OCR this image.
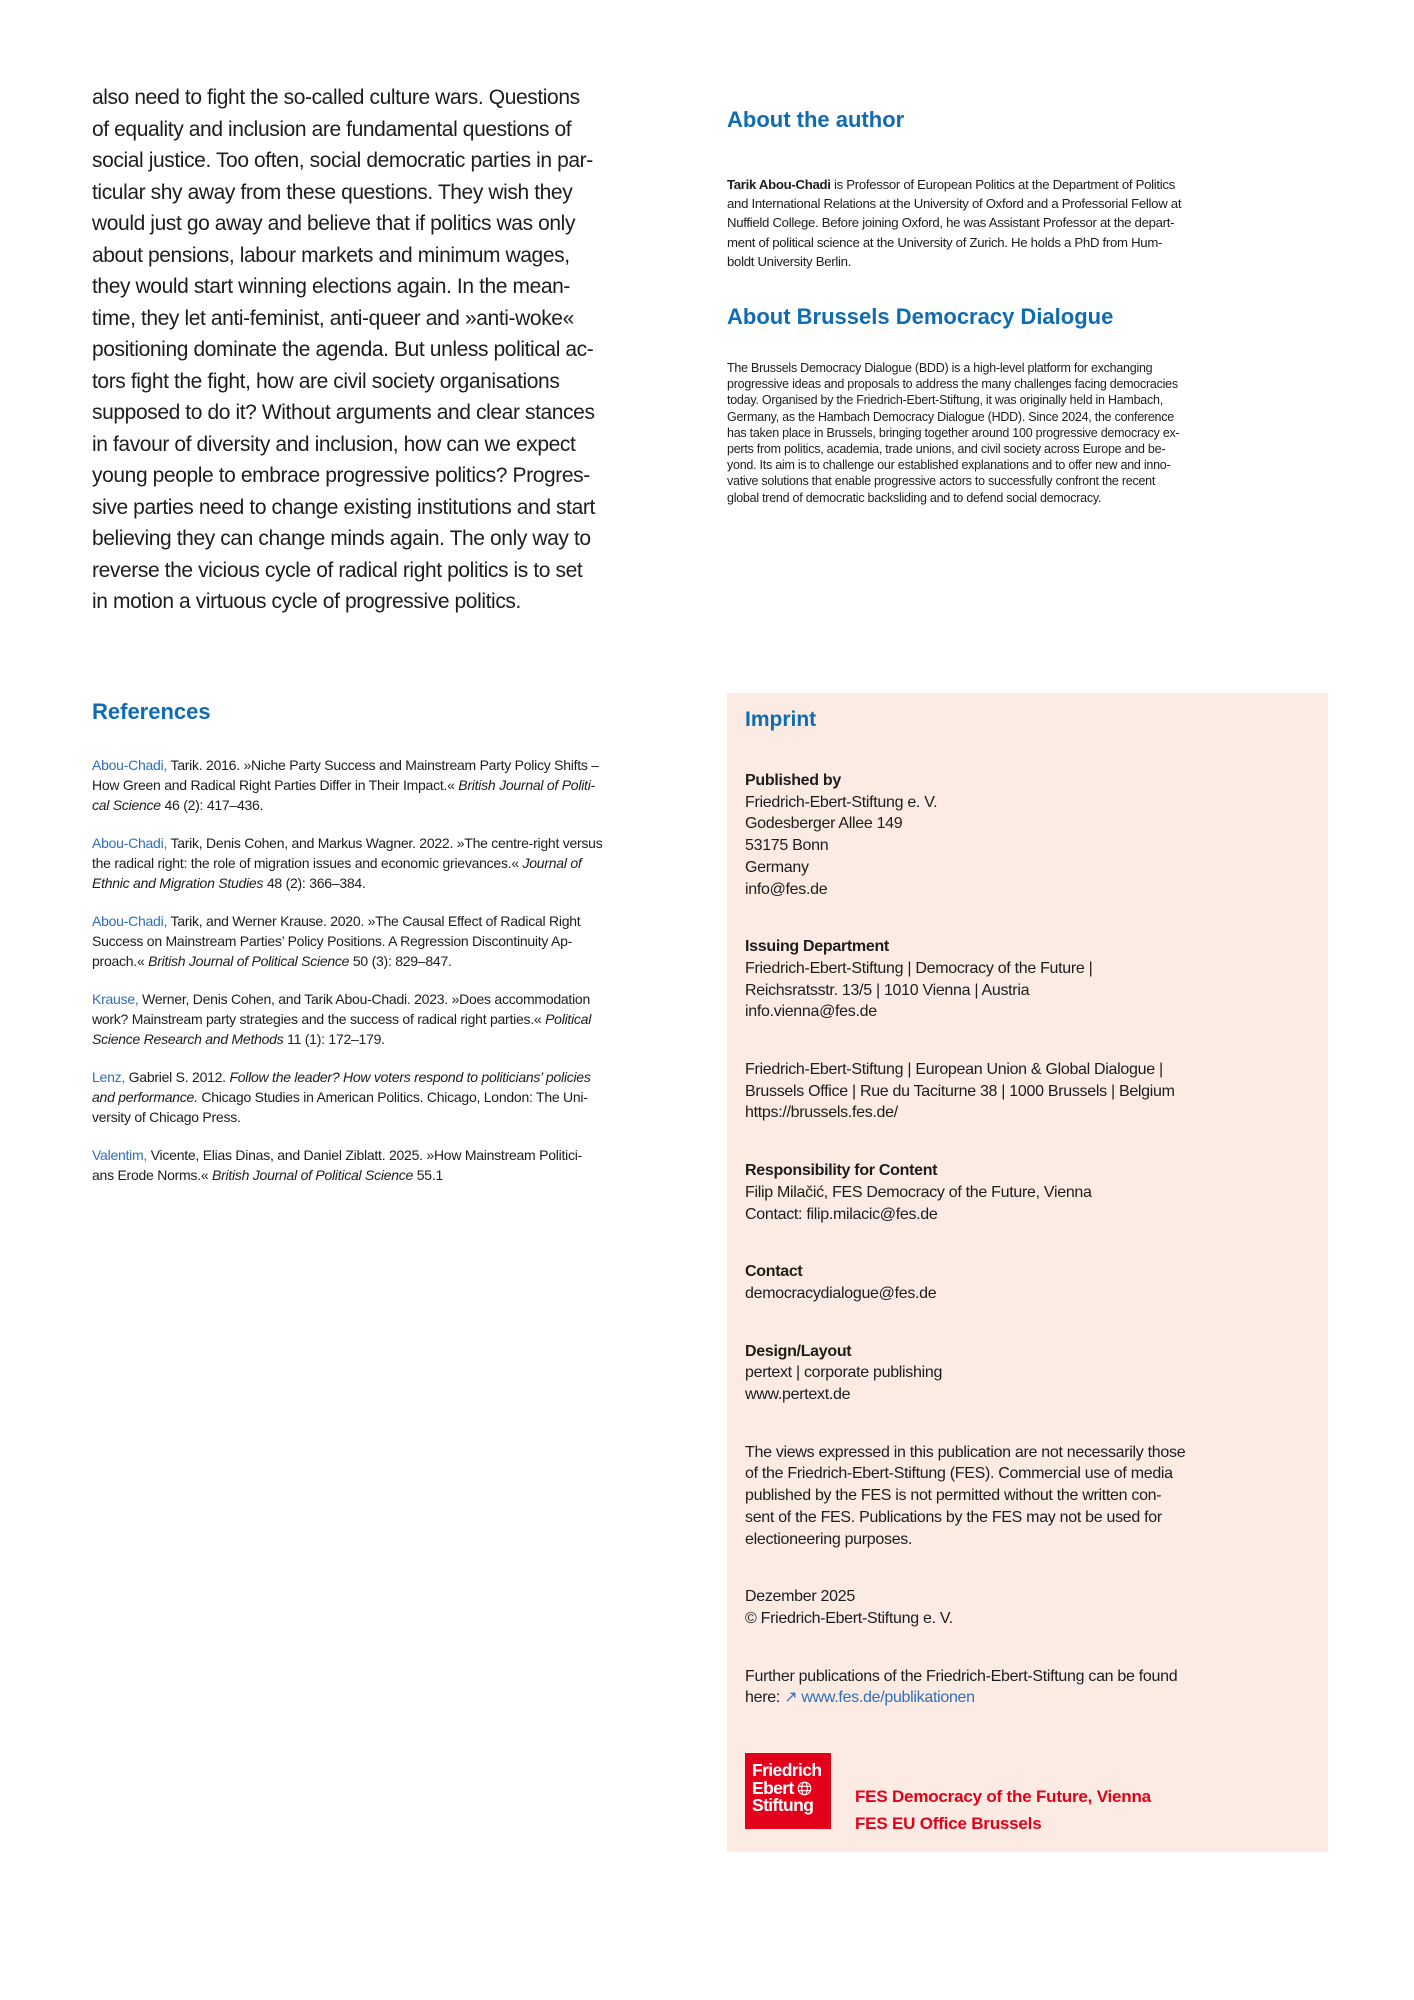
also need to fight the so-called culture wars. Questions
of equality and inclusion are fundamental questions of
social justice. Too often, social democratic parties in par-
ticular shy away from these questions. They wish they
would just go away and believe that if politics was only
about pensions, labour markets and minimum wages,
they would start winning elections again. In the mean-
time, they let anti-feminist, anti-queer and »anti-woke«
positioning dominate the agenda. But unless political ac-
tors fight the fight, how are civil society organisations
supposed to do it? Without arguments and clear stances
in favour of diversity and inclusion, how can we expect
young people to embrace progressive politics? Progres-
sive parties need to change existing institutions and start
believing they can change minds again. The only way to
reverse the vicious cycle of radical right politics is to set
in motion a virtuous cycle of progressive politics.
References
Abou-Chadi, Tarik. 2016. »Niche Party Success and Mainstream Party Policy Shifts –
How Green and Radical Right Parties Differ in Their Impact.« British Journal of Politi-
cal Science 46 (2): 417–436.
Abou-Chadi, Tarik, Denis Cohen, and Markus Wagner. 2022. »The centre-right versus
the radical right: the role of migration issues and economic grievances.« Journal of
Ethnic and Migration Studies 48 (2): 366–384.
Abou-Chadi, Tarik, and Werner Krause. 2020. »The Causal Effect of Radical Right
Success on Mainstream Parties’ Policy Positions. A Regression Discontinuity Ap-
proach.« British Journal of Political Science 50 (3): 829–847.
Krause, Werner, Denis Cohen, and Tarik Abou-Chadi. 2023. »Does accommodation
work? Mainstream party strategies and the success of radical right parties.« Political
Science Research and Methods 11 (1): 172–179.
Lenz, Gabriel S. 2012. Follow the leader? How voters respond to politicians’ policies
and performance. Chicago Studies in American Politics. Chicago, London: The Uni-
versity of Chicago Press.
Valentim, Vicente, Elias Dinas, and Daniel Ziblatt. 2025. »How Mainstream Politici-
ans Erode Norms.« British Journal of Political Science 55.1
About the author
Tarik Abou-Chadi is Professor of European Politics at the Department of Politics
and International Relations at the University of Oxford and a Professorial Fellow at
Nuffield College. Before joining Oxford, he was Assistant Professor at the depart-
ment of political science at the University of Zurich. He holds a PhD from Hum-
boldt University Berlin.
About Brussels Democracy Dialogue
The Brussels Democracy Dialogue (BDD) is a high-level platform for exchanging
progressive ideas and proposals to address the many challenges facing democracies
today. Organised by the Friedrich-Ebert-Stiftung, it was originally held in Hambach,
Germany, as the Hambach Democracy Dialogue (HDD). Since 2024, the conference
has taken place in Brussels, bringing together around 100 progressive democracy ex-
perts from politics, academia, trade unions, and civil society across Europe and be-
yond. Its aim is to challenge our established explanations and to offer new and inno-
vative solutions that enable progressive actors to successfully confront the recent
global trend of democratic backsliding and to defend social democracy.
Imprint
Published by
Friedrich-Ebert-Stiftung e. V.
Godesberger Allee 149
53175 Bonn
Germany
info@fes.de
Issuing Department
Friedrich-Ebert-Stiftung | Democracy of the Future |
Reichsratsstr. 13/5 | 1010 Vienna | Austria
info.vienna@fes.de
Friedrich-Ebert-Stiftung | European Union & Global Dialogue |
Brussels Office | Rue du Taciturne 38 | 1000 Brussels | Belgium
https://brussels.fes.de/
Responsibility for Content
Filip Milačić, FES Democracy of the Future, Vienna
Contact: filip.milacic@fes.de
Contact
democracydialogue@fes.de
Design/Layout
pertext | corporate publishing
www.pertext.de
The views expressed in this publication are not necessarily those
of the Friedrich-Ebert-Stiftung (FES). Commercial use of media
published by the FES is not permitted without the written con-
sent of the FES. Publications by the FES may not be used for
electioneering purposes.
Dezember 2025
© Friedrich-Ebert-Stiftung e. V.
Further publications of the Friedrich-Ebert-Stiftung can be found
here: ↗ www.fes.de/publikationen
Friedrich
Ebert
Stiftung	FES Democracy of the Future, Vienna
FES EU Office Brussels
